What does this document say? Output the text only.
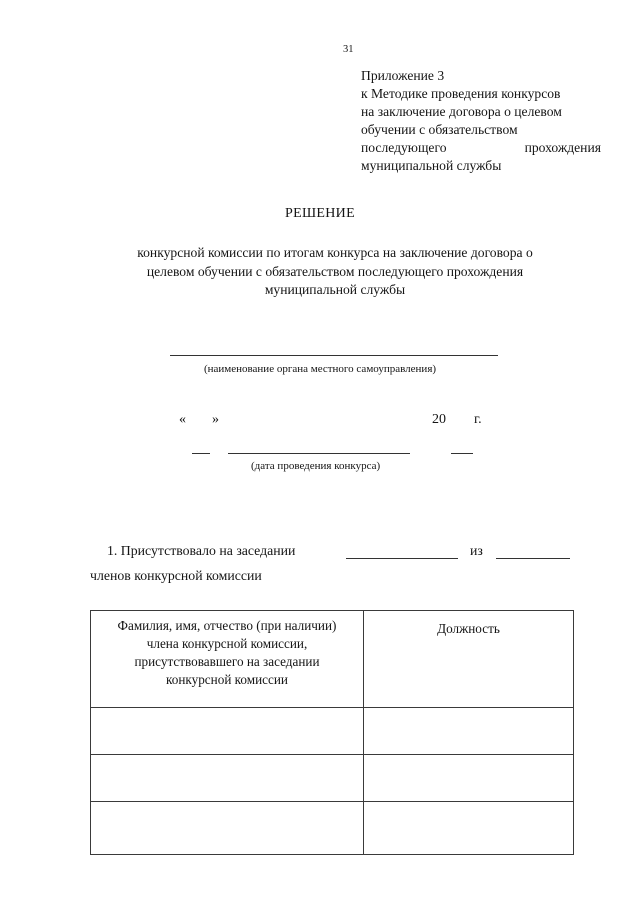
31
Приложение 3
к Методике проведения конкурсов
на заключение договора о целевом
обучении с обязательством
последующего	прохождения
муниципальной службы
РЕШЕНИЕ
конкурсной комиссии по итогам конкурса на заключение договора о
целевом обучении с обязательством последующего прохождения
муниципальной службы
(наименование органа местного самоуправления)
« »	20 г.
(дата проведения конкурса)
1. Присутствовало на заседании	из
членов конкурсной комиссии
Фамилия, имя, отчество (при наличии)
члена конкурсной комиссии,
присутствовавшего на заседании
конкурсной комиссии	Должность
